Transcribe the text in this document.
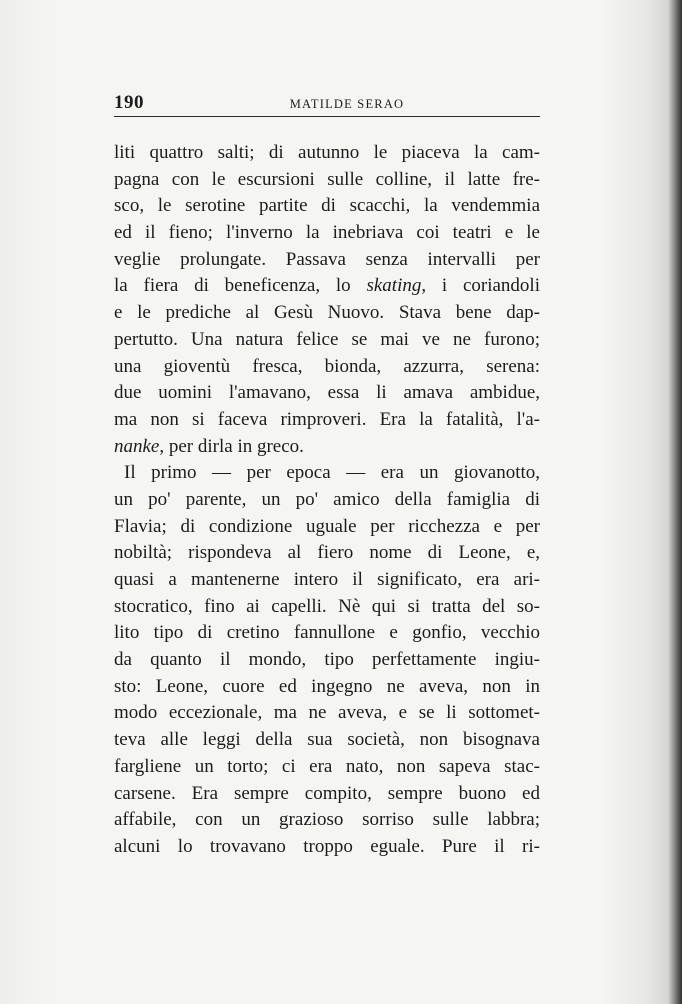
190	MATILDE SERAO
liti quattro salti; di autunno le piaceva la cam-
pagna con le escursioni sulle colline, il latte fre-
sco, le serotine partite di scacchi, la vendemmia
ed il fieno; l'inverno la inebriava coi teatri e le
veglie prolungate. Passava senza intervalli per
la fiera di beneficenza, lo skating, i coriandoli
e le prediche al Gesù Nuovo. Stava bene dap-
pertutto. Una natura felice se mai ve ne furono;
una gioventù fresca, bionda, azzurra, serena:
due uomini l'amavano, essa li amava ambidue,
ma non si faceva rimproveri. Era la fatalità, l'a-
nanke, per dirla in greco.
Il primo — per epoca — era un giovanotto,
un po' parente, un po' amico della famiglia di
Flavia; di condizione uguale per ricchezza e per
nobiltà; rispondeva al fiero nome di Leone, e,
quasi a mantenerne intero il significato, era ari-
stocratico, fino ai capelli. Nè qui si tratta del so-
lito tipo di cretino fannullone e gonfio, vecchio
da quanto il mondo, tipo perfettamente ingiu-
sto: Leone, cuore ed ingegno ne aveva, non in
modo eccezionale, ma ne aveva, e se li sottomet-
teva alle leggi della sua società, non bisognava
fargliene un torto; ci era nato, non sapeva stac-
carsene. Era sempre compito, sempre buono ed
affabile, con un grazioso sorriso sulle labbra;
alcuni lo trovavano troppo eguale. Pure il ri-
